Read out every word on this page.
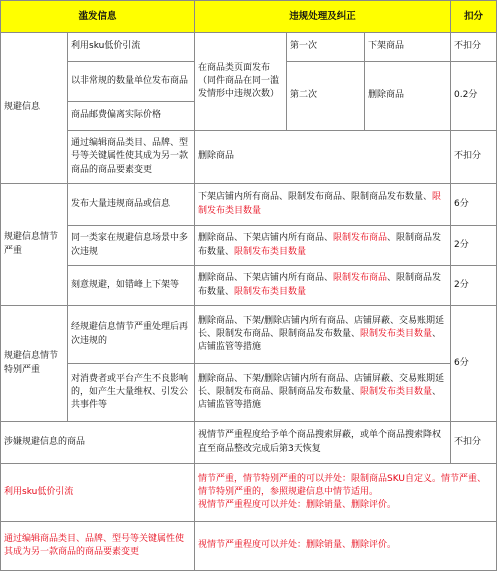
滥发信息		违规处理及纠正			扣分
规避信息	利用sku低价引流	在商品类页面发布（同件商品在同一滥发情形中违规次数）	第一次	下架商品	不扣分
	以非常规的数量单位发布商品		第二次	删除商品	0.2分
	商品邮费偏离实际价格				
	通过编辑商品类目、品牌、型号等关键属性使其成为另一款商品的商品要素变更	删除商品			不扣分
规避信息情节严重	发布大量违规商品或信息	下架店铺内所有商品、限制发布商品、限制商品发布数量、限制发布类目数量			6分
	同一类家在规避信息场景中多次违规	删除商品、下架店铺内所有商品、限制发布商品、限制商品发布数量、限制发布类目数量			2分
	刻意规避，如错峰上下架等	删除商品、下架店铺内所有商品、限制发布商品、限制商品发布数量、限制发布类目数量			2分
规避信息情节特别严重	经规避信息情节严重处理后再次违规的	删除商品、下架/删除店铺内所有商品、店铺屏蔽、交易账期延长、限制发布商品、限制商品发布数量、限制发布类目数量、店铺监管等措施			6分
	对消费者或平台产生不良影响的，如产生大量维权、引发公共事件等	删除商品、下架/删除店铺内所有商品、店铺屏蔽、交易账期延长、限制发布商品、限制商品发布数量、限制发布类目数量、店铺监管等措施			
涉嫌规避信息的商品		视情节严重程度给予单个商品搜索屏蔽，或单个商品搜索降权直至商品整改完成后第3天恢复			不扣分
利用sku低价引流		情节严重，情节特别严重的可以并处：限制商品SKU自定义。情节严重、情节特别严重的，参照规避信息中情节适用。
视情节严重程度可以并处：删除销量、删除评价。			

通过编辑商品类目、品牌、型号等关键属性使其成为另一款商品的商品要素变更		视情节严重程度可以并处：删除销量、删除评价。			
